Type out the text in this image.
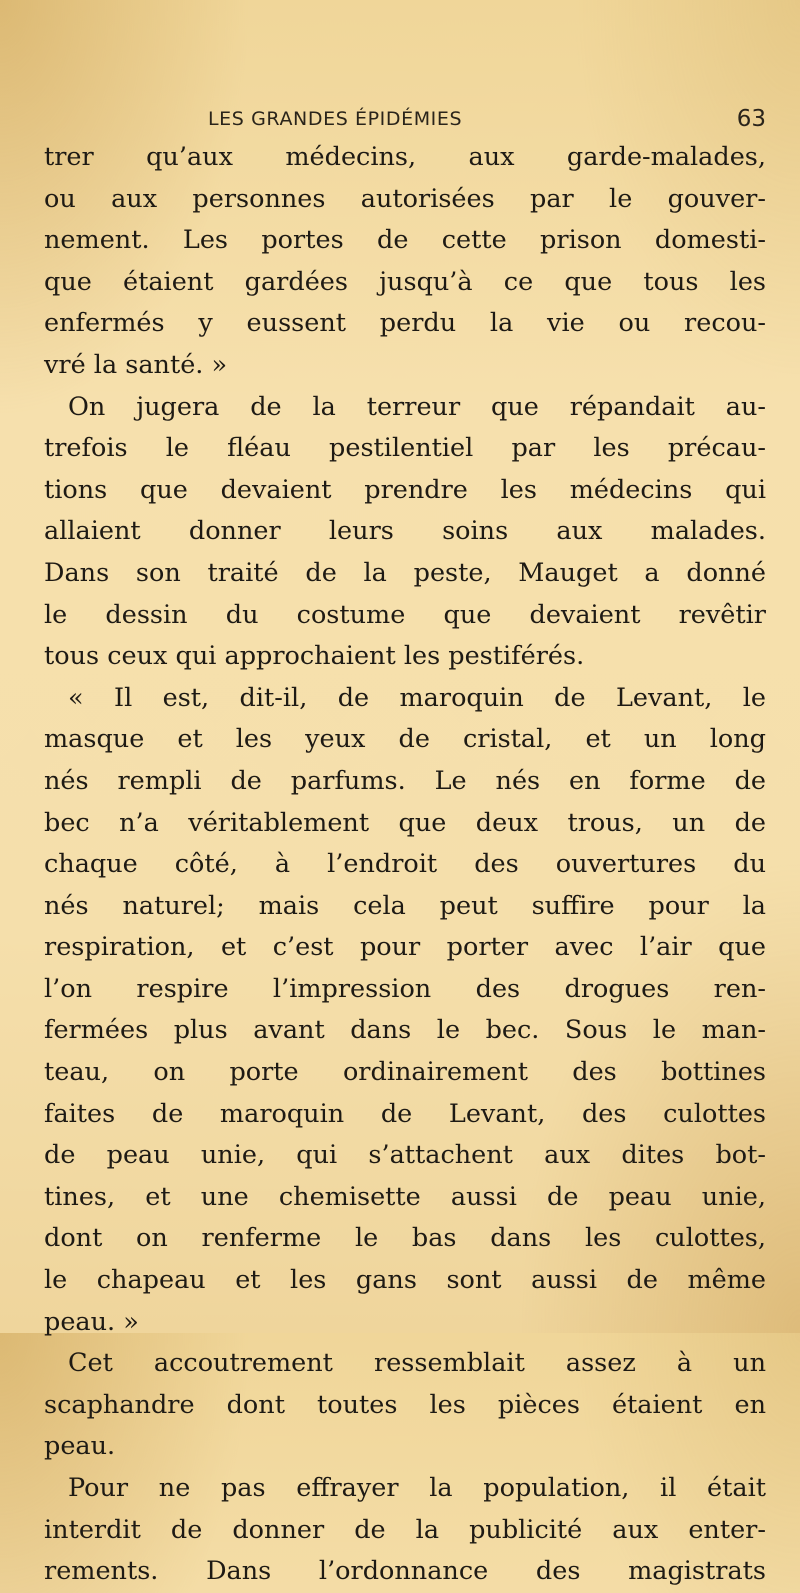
LES GRANDES ÉPIDÉMIES	63
trer qu’aux médecins, aux garde-malades,
ou aux personnes autorisées par le gouver-
nement. Les portes de cette prison domesti-
que étaient gardées jusqu’à ce que tous les
enfermés y eussent perdu la vie ou recou-
vré la santé. »
On jugera de la terreur que répandait au-
trefois le fléau pestilentiel par les précau-
tions que devaient prendre les médecins qui
allaient donner leurs soins aux malades.
Dans son traité de la peste, Mauget a donné
le dessin du costume que devaient revêtir
tous ceux qui approchaient les pestiférés.
« Il est, dit-il, de maroquin de Levant, le
masque et les yeux de cristal, et un long
nés rempli de parfums. Le nés en forme de
bec n’a véritablement que deux trous, un de
chaque côté, à l’endroit des ouvertures du
nés naturel; mais cela peut suffire pour la
respiration, et c’est pour porter avec l’air que
l’on respire l’impression des drogues ren-
fermées plus avant dans le bec. Sous le man-
teau, on porte ordinairement des bottines
faites de maroquin de Levant, des culottes
de peau unie, qui s’attachent aux dites bot-
tines, et une chemisette aussi de peau unie,
dont on renferme le bas dans les culottes,
le chapeau et les gans sont aussi de même
peau. »
Cet accoutrement ressemblait assez à un
scaphandre dont toutes les pièces étaient en
peau.
Pour ne pas effrayer la population, il était
interdit de donner de la publicité aux enter-
rements. Dans l’ordonnance des magistrats
